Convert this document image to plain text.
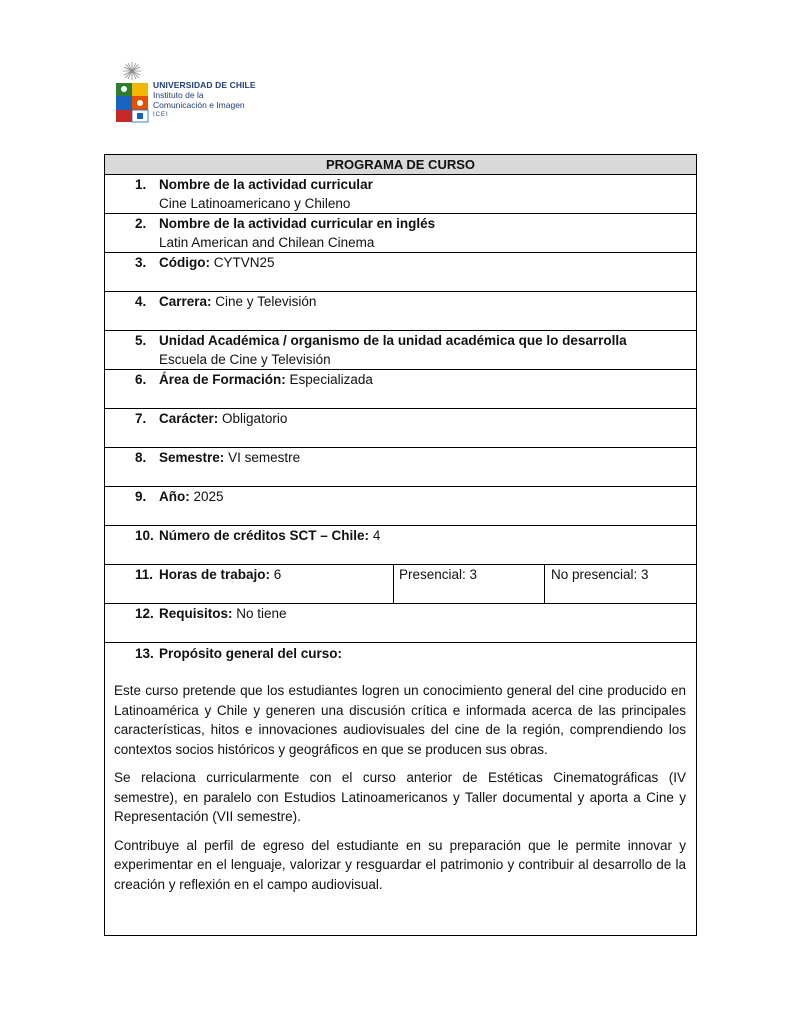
UNIVERSIDAD DE CHILE
Instituto de la
Comunicación e Imagen
ICEI
PROGRAMA DE CURSO
1. Nombre de la actividad curricular
Cine Latinoamericano y Chileno
2. Nombre de la actividad curricular en inglés
Latin American and Chilean Cinema
3. Código: CYTVN25
4. Carrera: Cine y Televisión
5. Unidad Académica / organismo de la unidad académica que lo desarrolla
Escuela de Cine y Televisión
6. Área de Formación: Especializada
7. Carácter: Obligatorio
8. Semestre: VI semestre
9. Año: 2025
10. Número de créditos SCT – Chile: 4
11. Horas de trabajo: 6	Presencial: 3	No presencial: 3
12. Requisitos: No tiene
13. Propósito general del curso:

Este curso pretende que los estudiantes logren un conocimiento general del cine producido en Latinoamérica y Chile y generen una discusión crítica e informada acerca de las principales características, hitos e innovaciones audiovisuales del cine de la región, comprendiendo los contextos socios históricos y geográficos en que se producen sus obras.

Se relaciona curricularmente con el curso anterior de Estéticas Cinematográficas (IV semestre), en paralelo con Estudios Latinoamericanos y Taller documental y aporta a Cine y Representación (VII semestre).

Contribuye al perfil de egreso del estudiante en su preparación que le permite innovar y experimentar en el lenguaje, valorizar y resguardar el patrimonio y contribuir al desarrollo de la creación y reflexión en el campo audiovisual.
